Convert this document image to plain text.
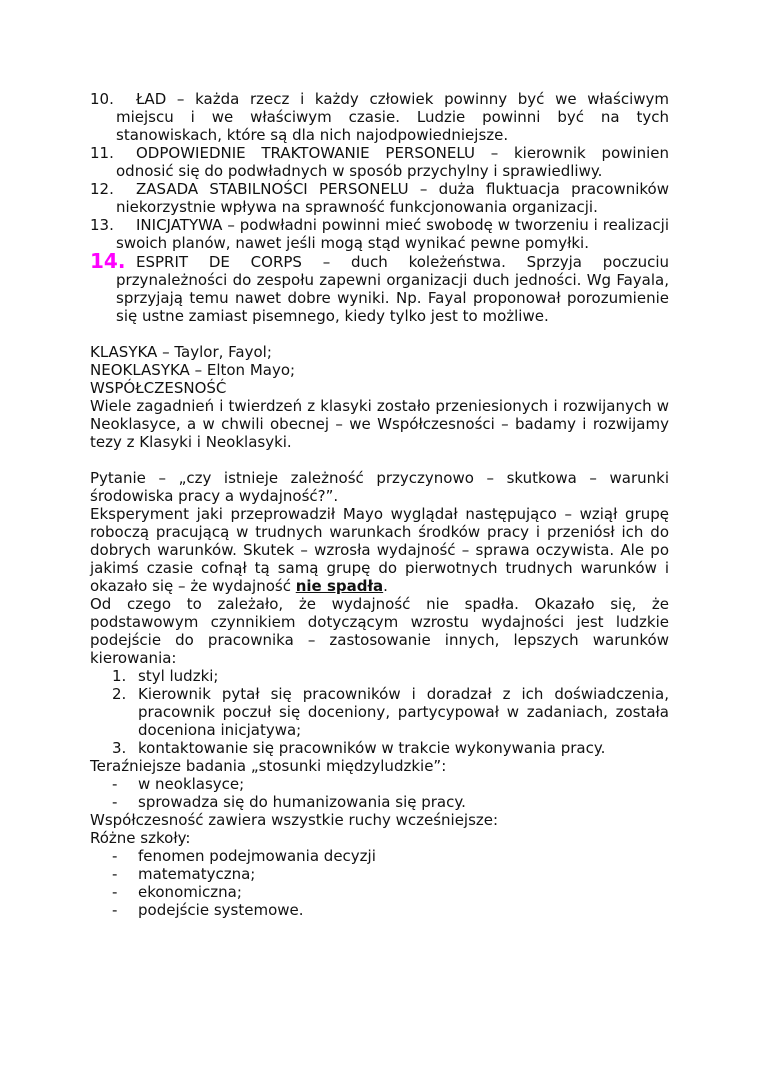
10. ŁAD – każda rzecz i każdy człowiek powinny być we właściwym miejscu i we właściwym czasie. Ludzie powinni być na tych stanowiskach, które są dla nich najodpowiedniejsze.
11. ODPOWIEDNIE TRAKTOWANIE PERSONELU – kierownik powinien odnosić się do podwładnych w sposób przychylny i sprawiedliwy.
12. ZASADA STABILNOŚCI PERSONELU – duża fluktuacja pracowników niekorzystnie wpływa na sprawność funkcjonowania organizacji.
13. INICJATYWA – podwładni powinni mieć swobodę w tworzeniu i realizacji swoich planów, nawet jeśli mogą stąd wynikać pewne pomyłki.
14. ESPRIT DE CORPS – duch koleżeństwa. Sprzyja poczuciu przynależności do zespołu zapewni organizacji duch jedności. Wg Fayala, sprzyjają temu nawet dobre wyniki. Np. Fayal proponował porozumienie się ustne zamiast pisemnego, kiedy tylko jest to możliwe.
KLASYKA – Taylor, Fayol;
NEOKLASYKA – Elton Mayo;
WSPÓŁCZESNOŚĆ
Wiele zagadnień i twierdzeń z klasyki zostało przeniesionych i rozwijanych w Neoklasyce, a w chwili obecnej – we Współczesności – badamy i rozwijamy tezy z Klasyki i Neoklasyki.
Pytanie – „czy istnieje zależność przyczynowo – skutkowa – warunki środowiska pracy a wydajność?”.
Eksperyment jaki przeprowadził Mayo wyglądał następująco – wziął grupę roboczą pracującą w trudnych warunkach środków pracy i przeniósł ich do dobrych warunków. Skutek – wzrosła wydajność – sprawa oczywista. Ale po jakimś czasie cofnął tą samą grupę do pierwotnych trudnych warunków i okazało się – że wydajność nie spadła.
Od czego to zależało, że wydajność nie spadła. Okazało się, że podstawowym czynnikiem dotyczącym wzrostu wydajności jest ludzkie podejście do pracownika – zastosowanie innych, lepszych warunków kierowania:
1. styl ludzki;
2. Kierownik pytał się pracowników i doradzał z ich doświadczenia, pracownik poczuł się doceniony, partycypował w zadaniach, została doceniona inicjatywa;
3. kontaktowanie się pracowników w trakcie wykonywania pracy.
Teraźniejsze badania „stosunki międzyludzkie”:
- w neoklasyce;
- sprowadza się do humanizowania się pracy.
Współczesność zawiera wszystkie ruchy wcześniejsze:
Różne szkoły:
- fenomen podejmowania decyzji
- matematyczna;
- ekonomiczna;
- podejście systemowe.
